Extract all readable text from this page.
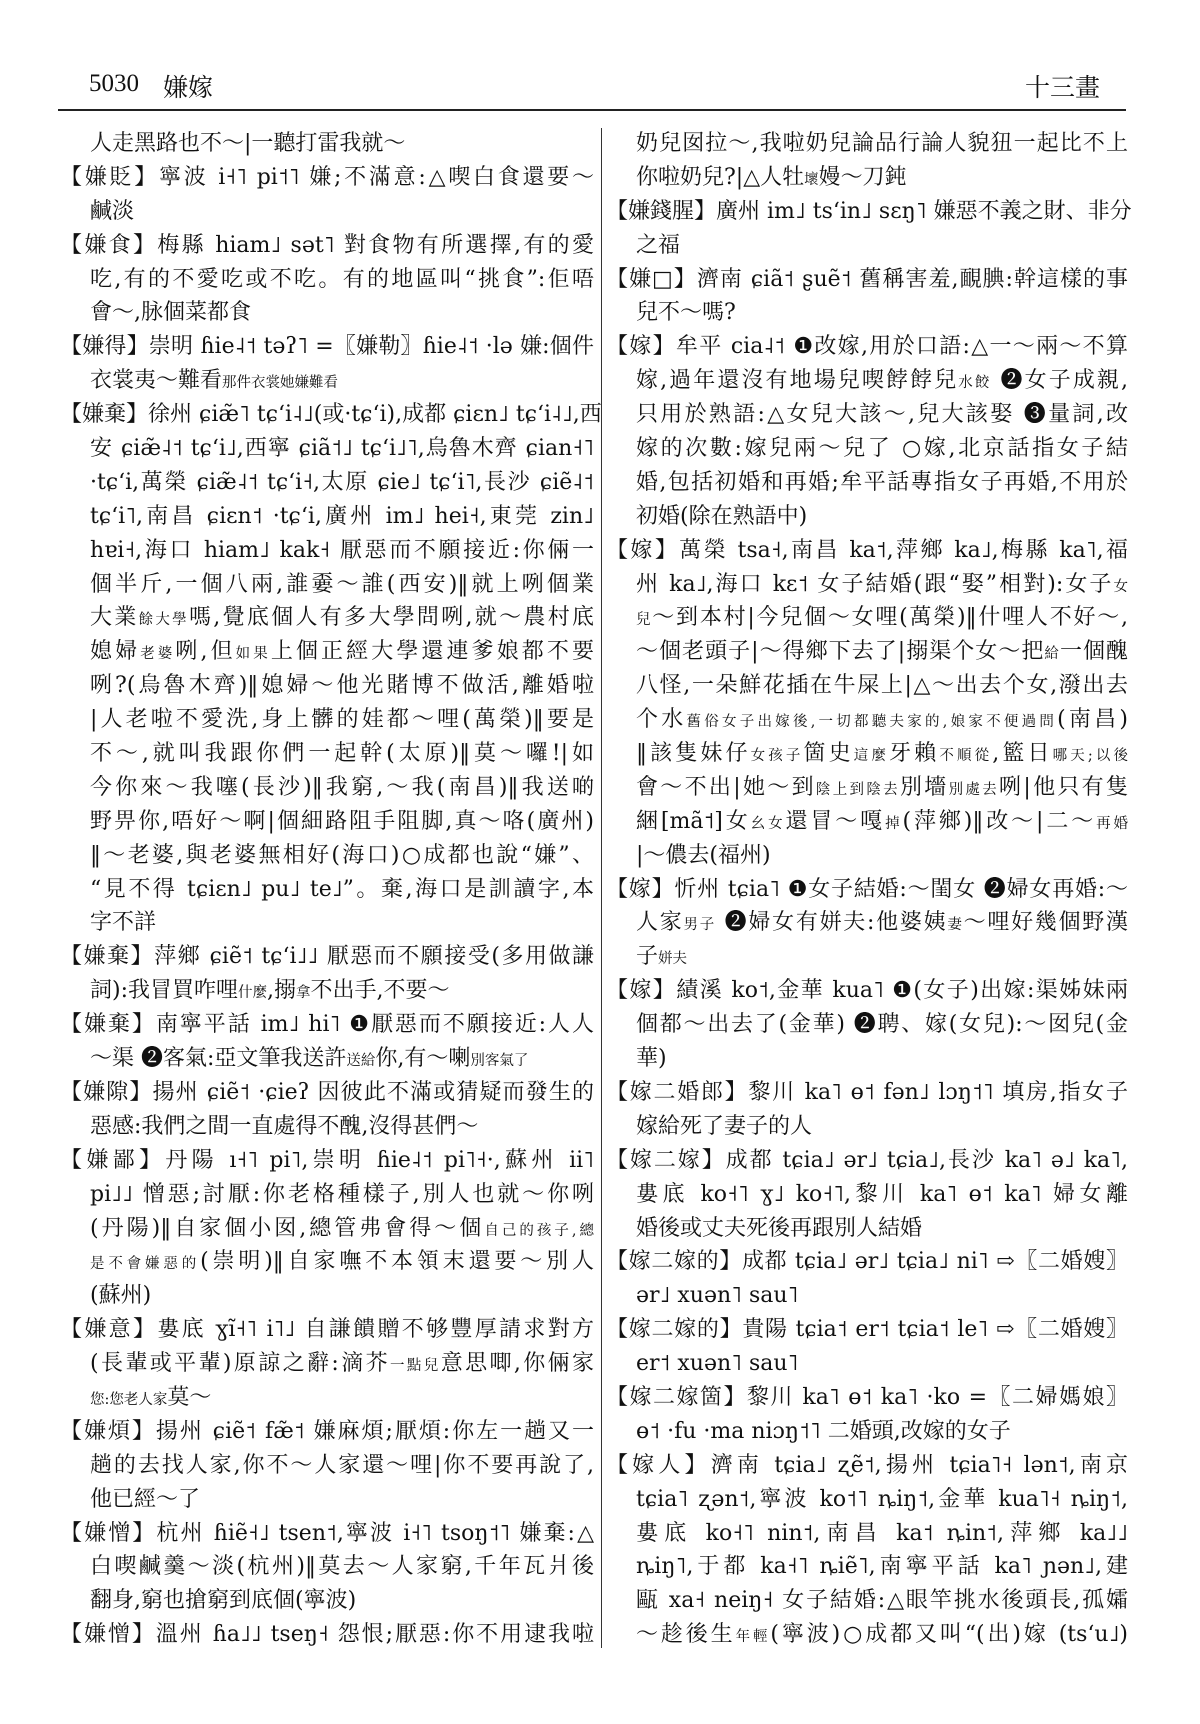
5030 嫌嫁	十三畫
人走黑路也不～|一聽打雷我就～
【嫌貶】寧波 i˧˥ pi˦˥ 嫌;不滿意:△喫白食還要～
鹹淡
【嫌食】梅縣 hiam˩ sət˥ 對食物有所選擇,有的愛
吃,有的不愛吃或不吃。有的地區叫“挑食”:佢唔
會～,脉個菜都食
【嫌得】崇明 ɦie˨˦ təʔ˥ =〖嫌勒〗ɦie˨˦ ·lə 嫌:個件
衣裳夷～難看那件衣裳她嫌難看
【嫌棄】徐州 ɕiæ̃˥ tɕʻi˨˩(或·tɕʻi),成都 ɕiɛn˩ tɕʻi˨˩,西
安 ɕiæ̃˨˦ tɕʻi˩,西寧 ɕiã˦˩ tɕʻi˩˥,烏魯木齊 ɕian˧˥
·tɕʻi,萬榮 ɕiæ̃˨˦ tɕʻi˧,太原 ɕie˩ tɕʻi˥,長沙 ɕiẽ˨˦
tɕʻi˥,南昌 ɕiɛn˦ ·tɕʻi,廣州 im˩ hei˧,東莞 zin˩
hɐi˧,海口 hiam˩ kak˧ 厭惡而不願接近:你倆一
個半斤,一個八兩,誰嫑～誰(西安)‖就上咧個業
大業餘大學嗎,覺底個人有多大學問咧,就～農村底
媳婦老婆咧,但如果上個正經大學還連爹娘都不要
咧?(烏魯木齊)‖媳婦～他光賭博不做活,離婚啦
|人老啦不愛洗,身上髒的娃都～哩(萬榮)‖要是
不～,就叫我跟你們一起幹(太原)‖莫～囉!|如
今你來～我噻(長沙)‖我窮,～我(南昌)‖我送啲
野畀你,唔好～啊|個細路阻手阻脚,真～咯(廣州)
‖～老婆,與老婆無相好(海口)○成都也說“嫌”、
“見不得 tɕiɛn˩ pu˩ te˩”。棄,海口是訓讀字,本
字不詳
【嫌棄】萍鄉 ɕiẽ˦ tɕʻi˩˩ 厭惡而不願接受(多用做謙
詞):我冒買咋哩什麼,搦拿不出手,不要～
【嫌棄】南寧平話 im˩ hi˥ ❶厭惡而不願接近:人人
～渠 ❷客氣:亞文筆我送許送給你,有～喇別客氣了
【嫌隙】揚州 ɕiẽ˦ ·ɕieʔ 因彼此不滿或猜疑而發生的
惡感:我們之間一直處得不醜,沒得甚們～
【嫌鄙】丹陽 ı˧˥ pi˥,崇明 ɦie˨˦ pi˥˧·,蘇州 ii˥
pi˩˩ 憎惡;討厭:你老格種樣子,別人也就～你咧
(丹陽)‖自家個小囡,總管弗會得～個自己的孩子,總
是不會嫌惡的(崇明)‖自家嘸不本領末還要～別人
(蘇州)
【嫌意】婁底 ɣĩ˧˥ i˥˩ 自謙饋贈不够豐厚請求對方
(長輩或平輩)原諒之辭:滴芥一點兒意思唧,你倆家
您:您老人家莫～
【嫌煩】揚州 ɕiẽ˦ fæ̃˦ 嫌麻煩;厭煩:你左一趟又一
趟的去找人家,你不～人家還～哩|你不要再說了,
他已經～了
【嫌憎】杭州 ɦiẽ˧˩ tsen˦,寧波 i˧˥ tsoŋ˦˥ 嫌棄:△
白喫鹹羹～淡(杭州)‖莫去～人家窮,千年瓦爿後
翻身,窮也搶窮到底個(寧波)
【嫌憎】溫州 ɦa˩˩ tseŋ˧ 怨恨;厭惡:你不用逮我啦
奶兒囡拉～,我啦奶兒論品行論人貌狃一起比不上
你啦奶兒?|△人牡壞嫚～刀鈍
【嫌錢腥】廣州 im˩ tsʻin˩ sɛŋ˥ 嫌惡不義之財、非分
之福
【嫌□】濟南 ɕiã˦ ʂuẽ˦ 舊稱害羞,靦腆:幹這樣的事
兒不～嗎?
【嫁】牟平 cia˨˦ ❶改嫁,用於口語:△一～兩～不算
嫁,過年還沒有地場兒喫餑餑兒水餃 ❷女子成親,
只用於熟語:△女兒大該～,兒大該娶 ❸量詞,改
嫁的次數:嫁兒兩～兒了 ○嫁,北京話指女子結
婚,包括初婚和再婚;牟平話專指女子再婚,不用於
初婚(除在熟語中)
【嫁】萬榮 tsa˧,南昌 ka˦,萍鄉 ka˩,梅縣 ka˥,福
州 ka˩,海口 kɛ˦ 女子結婚(跟“娶”相對):女子女
兒～到本村|今兒個～女哩(萬榮)‖什哩人不好～,
～個老頭子|～得鄉下去了|搦渠个女～把給一個醜
八怪,一朵鮮花插在牛屎上|△～出去个女,潑出去
个水舊俗女子出嫁後,一切都聽夫家的,娘家不便過問(南昌)
‖該隻妹仔女孩子箇史這麼牙賴不順從,籃日哪天;以後
會～不出|她～到陰上到陰去別墻別處去咧|他只有隻
綑[mã˦]女幺女還冒～嘎掉(萍鄉)‖改～|二～再婚
|～儂去(福州)
【嫁】忻州 tɕia˥ ❶女子結婚:～閨女 ❷婦女再婚:～
人家男子 ❷婦女有姘夫:他婆姨妻～哩好幾個野漢
子姘夫
【嫁】績溪 ko˦,金華 kua˥ ❶(女子)出嫁:渠姊妹兩
個都～出去了(金華) ❷聘、嫁(女兒):～囡兒(金
華)
【嫁二婚郎】黎川 ka˥ ɵ˦ fən˩ lɔŋ˦˥ 填房,指女子
嫁給死了妻子的人
【嫁二嫁】成都 tɕia˩ ər˩ tɕia˩,長沙 ka˥ ə˩ ka˥,
婁底 ko˧˥ ɣ˩ ko˧˥,黎川 ka˥ ɵ˦ ka˥ 婦女離
婚後或丈夫死後再跟別人結婚
【嫁二嫁的】成都 tɕia˩ ər˩ tɕia˩ ni˥ ⇨〖二婚嫂〗
ər˩ xuən˥ sau˥
【嫁二嫁的】貴陽 tɕia˦ er˦ tɕia˦ le˥ ⇨〖二婚嫂〗
er˦ xuən˥ sau˥
【嫁二嫁箇】黎川 ka˥ ɵ˦ ka˥ ·ko =〖二婦媽娘〗
ɵ˦ ·fu ·ma niɔŋ˦˥ 二婚頭,改嫁的女子
【嫁人】濟南 tɕia˩ ʐẽ˦,揚州 tɕia˥˧ lən˦,南京
tɕia˥ ʐən˦,寧波 ko˦˥ ȵiŋ˦,金華 kua˥˧ ȵiŋ˦,
婁底 ko˧˥ nin˦,南昌 ka˦ ȵin˦,萍鄉 ka˩˩
ȵiŋ˥,于都 ka˧˥ ȵiẽ˥,南寧平話 ka˥ ɲən˩,建
甌 xa˧ neiŋ˧ 女子結婚:△眼竿挑水後頭長,孤孀
～趁後生年輕(寧波)○成都又叫“(出)嫁 (tsʻu˩)
